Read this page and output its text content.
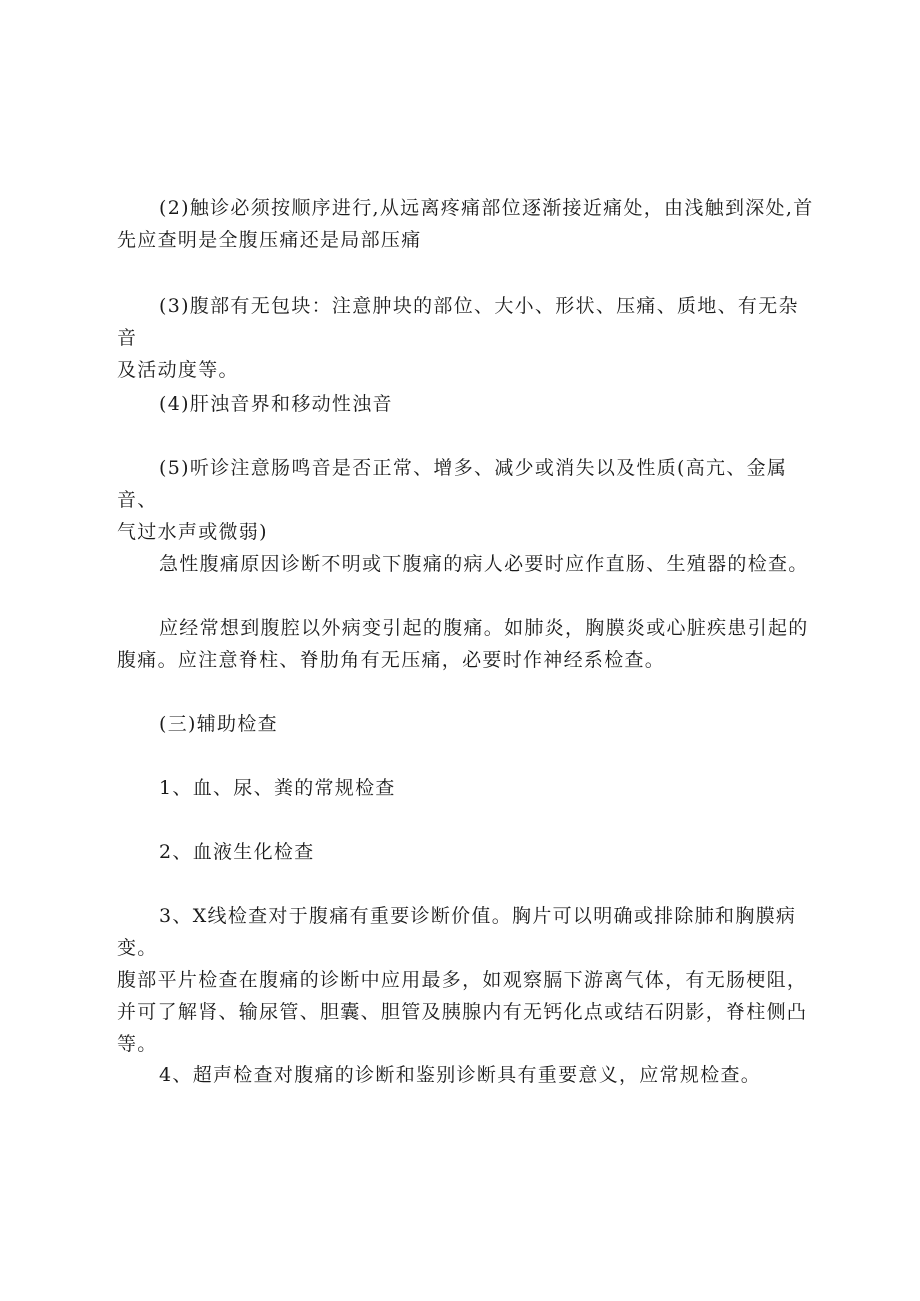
(2)触诊必须按顺序进行,从远离疼痛部位逐渐接近痛处，由浅触到深处,首
先应查明是全腹压痛还是局部压痛

(3)腹部有无包块：注意肿块的部位、大小、形状、压痛、质地、有无杂音
及活动度等。

(4)肝浊音界和移动性浊音

(5)听诊注意肠鸣音是否正常、增多、减少或消失以及性质(高亢、金属音、
气过水声或微弱)

急性腹痛原因诊断不明或下腹痛的病人必要时应作直肠、生殖器的检查。

应经常想到腹腔以外病变引起的腹痛。如肺炎，胸膜炎或心脏疾患引起的
腹痛。应注意脊柱、脊肋角有无压痛，必要时作神经系检查。

(三)辅助检查

1、血、尿、粪的常规检查

2、血液生化检查

3、X线检查对于腹痛有重要诊断价值。胸片可以明确或排除肺和胸膜病变。
腹部平片检查在腹痛的诊断中应用最多，如观察膈下游离气体，有无肠梗阻，
并可了解肾、输尿管、胆囊、胆管及胰腺内有无钙化点或结石阴影，脊柱侧凸
等。

4、超声检查对腹痛的诊断和鉴别诊断具有重要意义，应常规检查。
